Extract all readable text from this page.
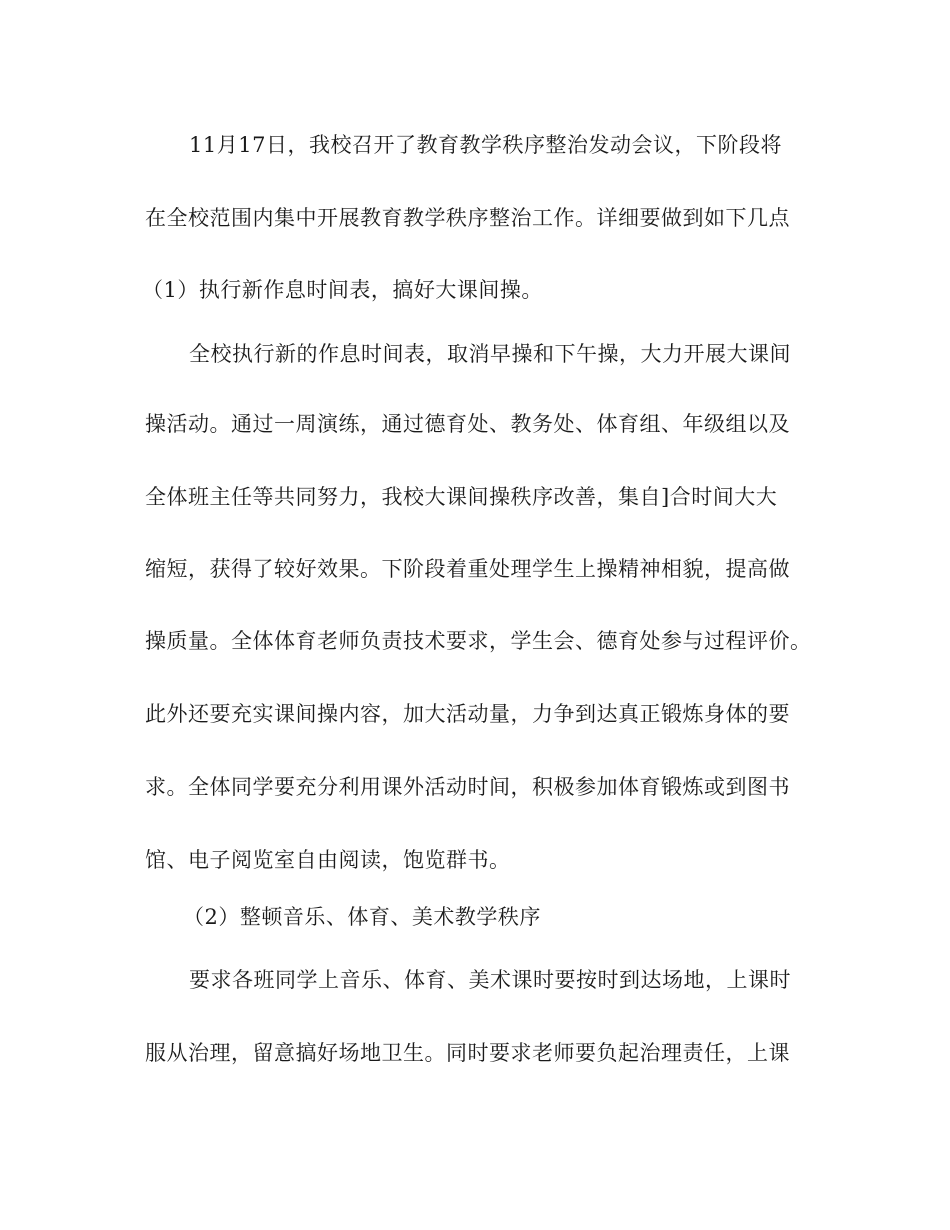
11月17日，我校召开了教育教学秩序整治发动会议，下阶段将
在全校范围内集中开展教育教学秩序整治工作。详细要做到如下几点
（1）执行新作息时间表，搞好大课间操。
全校执行新的作息时间表，取消早操和下午操，大力开展大课间
操活动。通过一周演练，通过德育处、教务处、体育组、年级组以及
全体班主任等共同努力，我校大课间操秩序改善，集自]合时间大大
缩短，获得了较好效果。下阶段着重处理学生上操精神相貌，提高做
操质量。全体体育老师负责技术要求，学生会、德育处参与过程评价。
此外还要充实课间操内容，加大活动量，力争到达真正锻炼身体的要
求。全体同学要充分利用课外活动时间，积极参加体育锻炼或到图书
馆、电子阅览室自由阅读，饱览群书。
（2）整顿音乐、体育、美术教学秩序
要求各班同学上音乐、体育、美术课时要按时到达场地，上课时
服从治理，留意搞好场地卫生。同时要求老师要负起治理责任，上课
